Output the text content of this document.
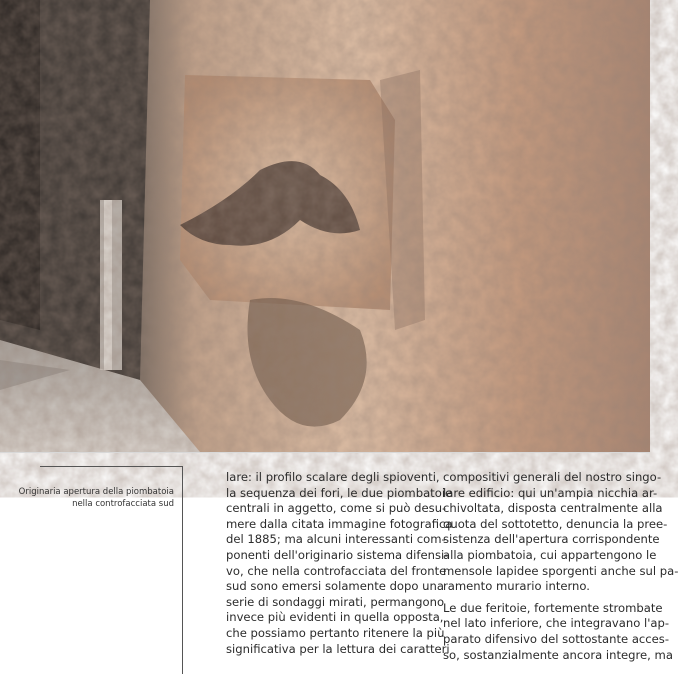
Originaria apertura della piombatoia
nella controfacciata sud
lare: il profilo scalare degli spioventi,
la sequenza dei fori, le due piombatoie
centrali in aggetto, come si può desu-
mere dalla citata immagine fotografica
del 1885; ma alcuni interessanti com-
ponenti dell'originario sistema difensi-
vo, che nella controfacciata del fronte
sud sono emersi solamente dopo una
serie di sondaggi mirati, permangono
invece più evidenti in quella opposta,
che possiamo pertanto ritenere la più
significativa per la lettura dei caratteri
compositivi generali del nostro singo-
lare edificio: qui un'ampia nicchia ar-
chivoltata, disposta centralmente alla
quota del sottotetto, denuncia la pree-
sistenza dell'apertura corrispondente
alla piombatoia, cui appartengono le
mensole lapidee sporgenti anche sul pa-
ramento murario interno.
Le due feritoie, fortemente strombate
nel lato inferiore, che integravano l'ap-
parato difensivo del sottostante acces-
so, sostanzialmente ancora integre, ma
